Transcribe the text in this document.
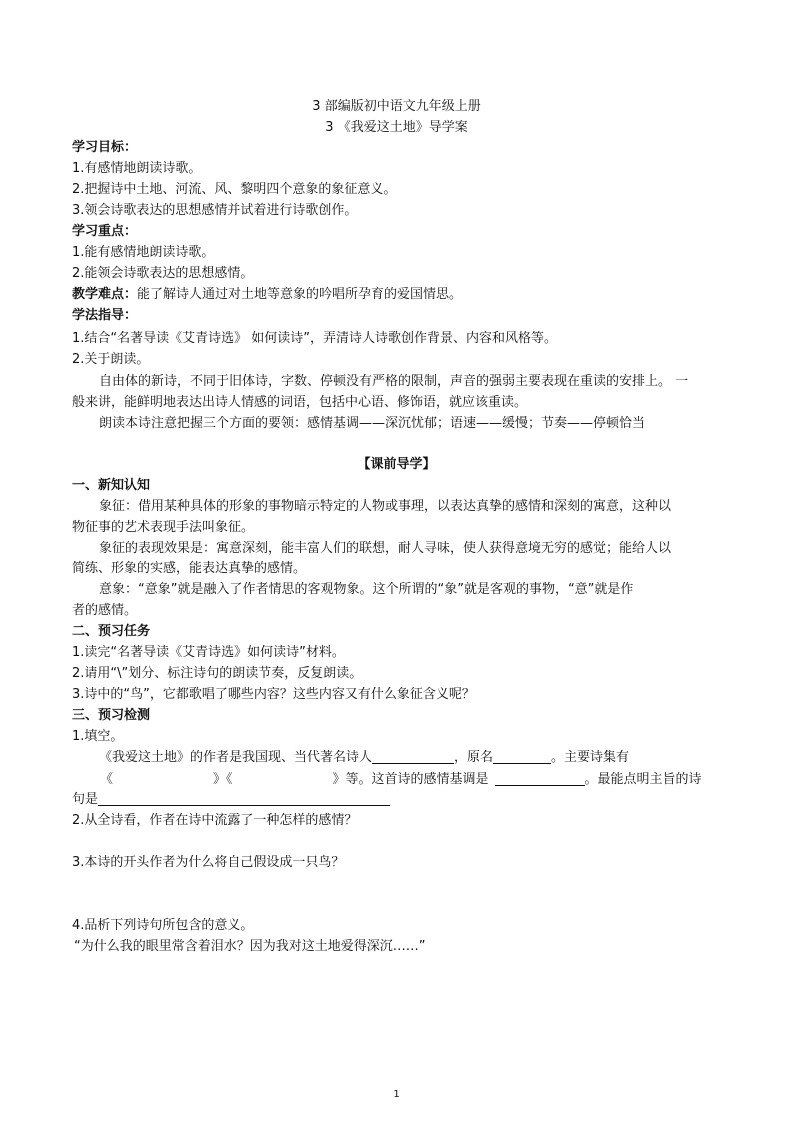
3 部编版初中语文九年级上册
3 《我爱这土地》导学案
学习目标：
1.有感情地朗读诗歌。
2.把握诗中土地、河流、风、黎明四个意象的象征意义。
3.领会诗歌表达的思想感情并试着进行诗歌创作。
学习重点：
1.能有感情地朗读诗歌。
2.能领会诗歌表达的思想感情。
教学难点：能了解诗人通过对土地等意象的吟唱所孕育的爱国情思。
学法指导：
1.结合“名著导读《艾青诗选》 如何读诗”，弄清诗人诗歌创作背景、内容和风格等。
2.关于朗读。
自由体的新诗，不同于旧体诗，字数、停顿没有严格的限制，声音的强弱主要表现在重读的安排上。 一
般来讲，能鲜明地表达出诗人情感的词语，包括中心语、修饰语，就应该重读。
朗读本诗注意把握三个方面的要领：感情基调——深沉忧郁；语速——缓慢；节奏——停顿恰当
【课前导学】
一、新知认知
象征：借用某种具体的形象的事物暗示特定的人物或事理，以表达真挚的感情和深刻的寓意，这种以
物征事的艺术表现手法叫象征。
象征的表现效果是：寓意深刻，能丰富人们的联想，耐人寻味，使人获得意境无穷的感觉；能给人以
简练、形象的实感，能表达真挚的感情。
意象：“意象”就是融入了作者情思的客观物象。这个所谓的“象”就是客观的事物，“意”就是作
者的感情。
二、预习任务
1.读完“名著导读《艾青诗选》如何读诗”材料。
2.请用“\”划分、标注诗句的朗读节奏，反复朗读。
3.诗中的“鸟”，它都歌唱了哪些内容？这些内容又有什么象征含义呢？
三、预习检测
1.填空。
《我爱这土地》的作者是我国现、当代著名诗人	，原名	。主要诗集有
《	》《	》等。这首诗的感情基调是	。最能点明主旨的诗
句是
2.从全诗看，作者在诗中流露了一种怎样的感情？
3.本诗的开头作者为什么将自己假设成一只鸟？
4.品析下列诗句所包含的意义。
“为什么我的眼里常含着泪水？因为我对这土地爱得深沉……”
1
